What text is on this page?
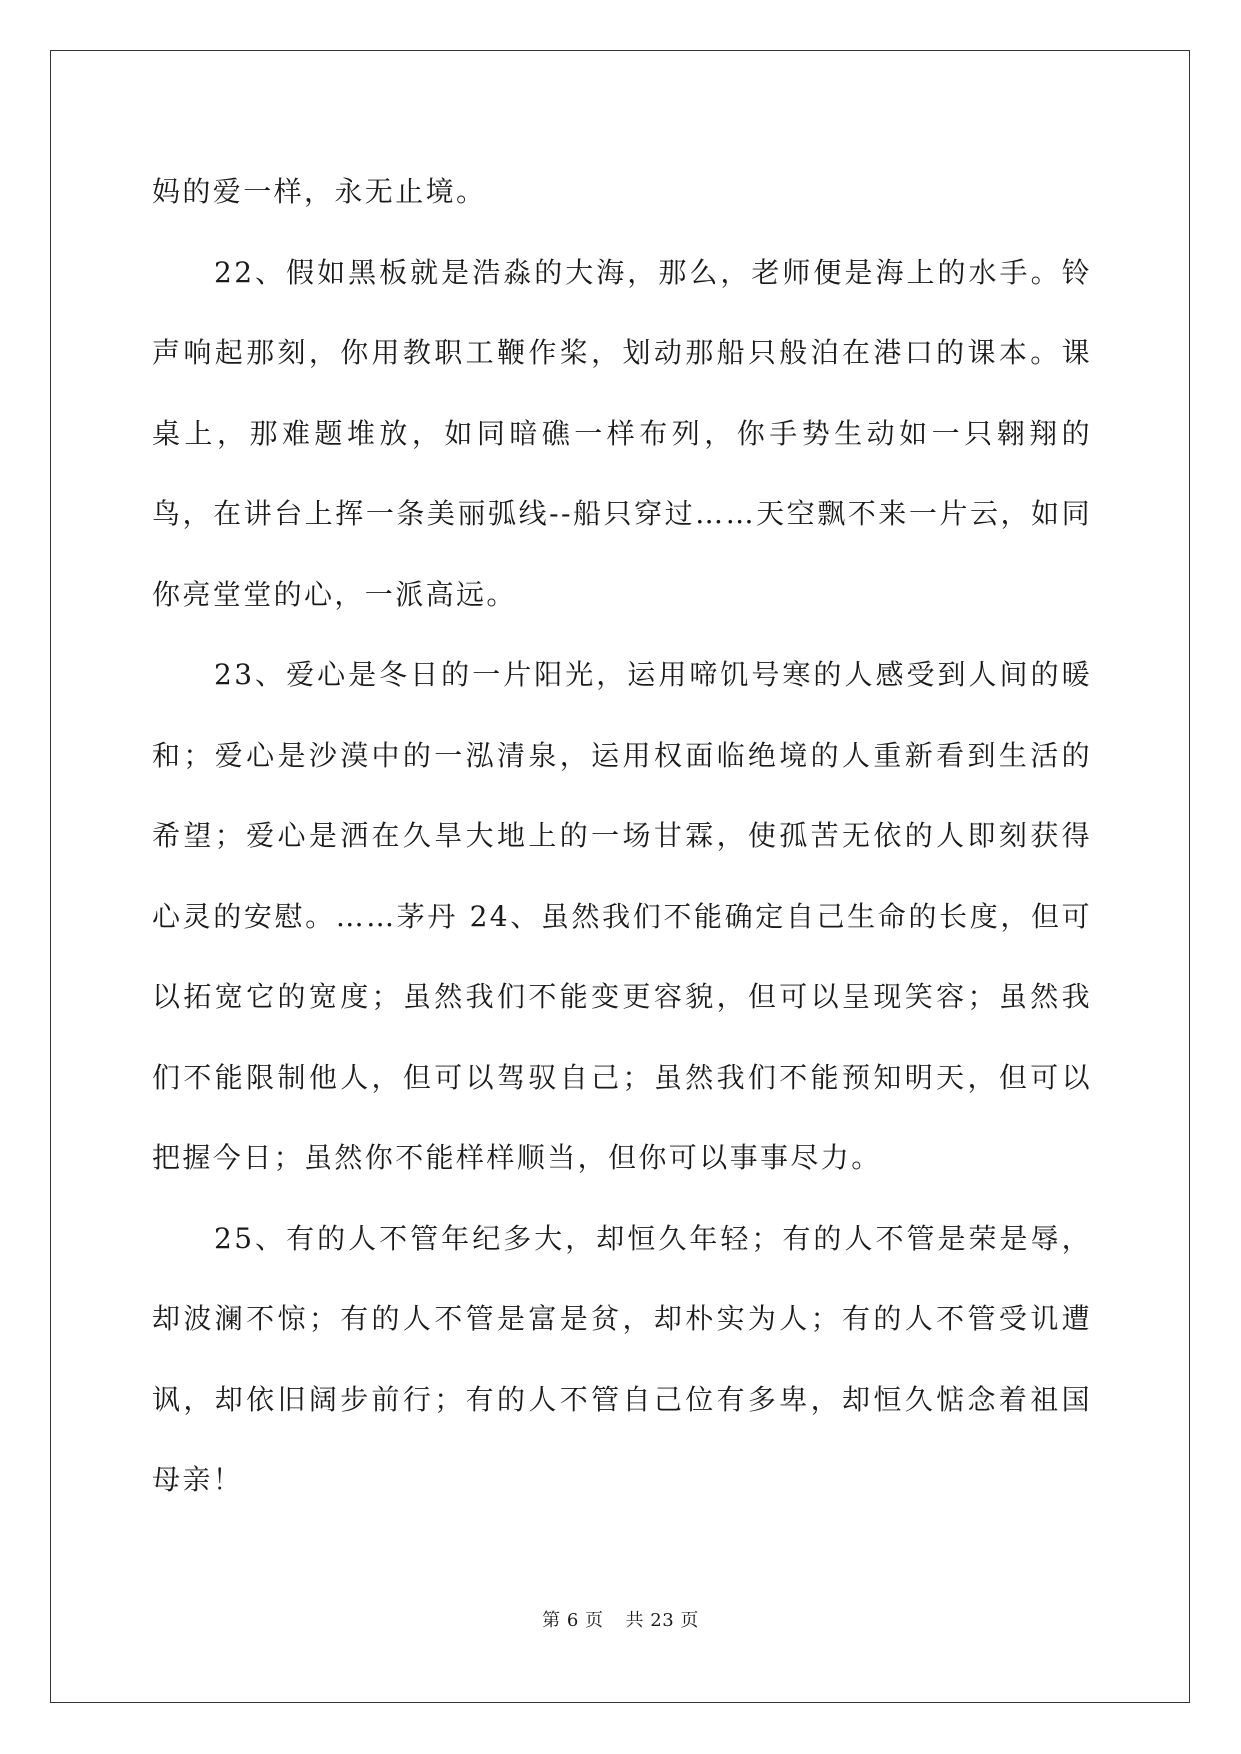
妈的爱一样，永无止境。

22、假如黑板就是浩淼的大海，那么，老师便是海上的水手。铃声响起那刻，你用教职工鞭作桨，划动那船只般泊在港口的课本。课桌上，那难题堆放，如同暗礁一样布列，你手势生动如一只翱翔的鸟，在讲台上挥一条美丽弧线--船只穿过……天空飘不来一片云，如同你亮堂堂的心，一派高远。

23、爱心是冬日的一片阳光，运用啼饥号寒的人感受到人间的暖和；爱心是沙漠中的一泓清泉，运用权面临绝境的人重新看到生活的希望；爱心是洒在久旱大地上的一场甘霖，使孤苦无依的人即刻获得心灵的安慰。……茅丹 24、虽然我们不能确定自己生命的长度，但可以拓宽它的宽度；虽然我们不能变更容貌，但可以呈现笑容；虽然我们不能限制他人，但可以驾驭自己；虽然我们不能预知明天，但可以把握今日；虽然你不能样样顺当，但你可以事事尽力。

25、有的人不管年纪多大，却恒久年轻；有的人不管是荣是辱，却波澜不惊；有的人不管是富是贫，却朴实为人；有的人不管受讥遭讽，却依旧阔步前行；有的人不管自己位有多卑，却恒久惦念着祖国母亲！

第 6 页 共 23 页
